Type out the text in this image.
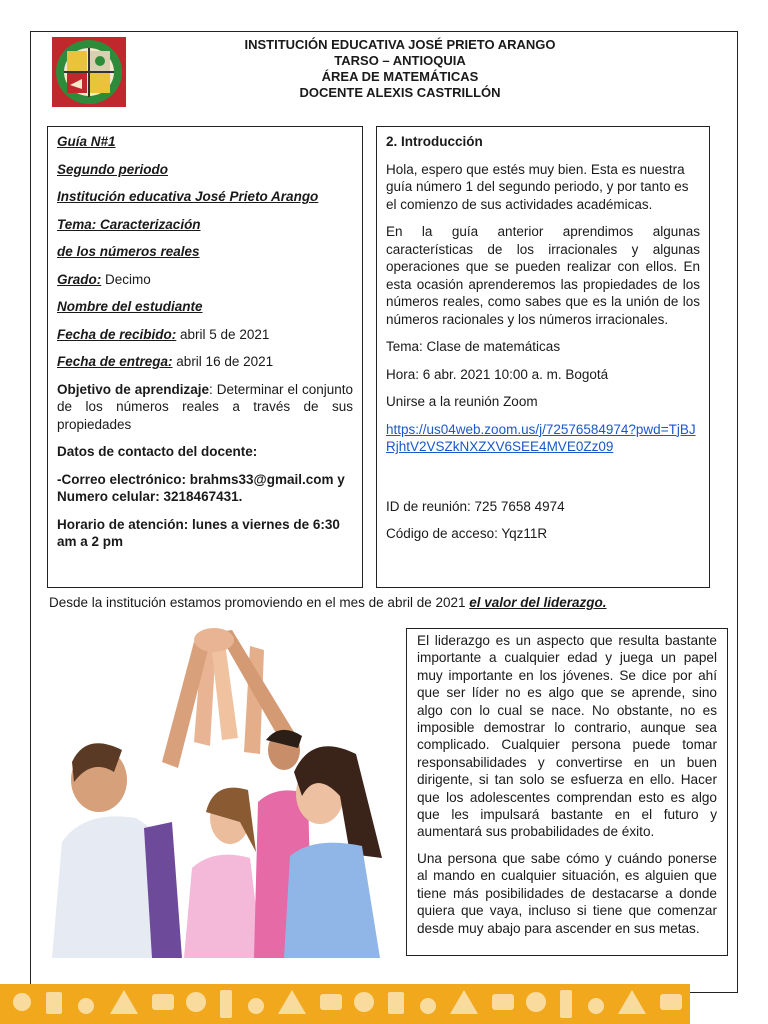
INSTITUCIÓN EDUCATIVA JOSÉ PRIETO ARANGO
TARSO – ANTIOQUIA
ÁREA DE MATEMÁTICAS
DOCENTE ALEXIS CASTRILLÓN

Guía N#1

Segundo periodo

Institución educativa José Prieto Arango

Tema: Caracterización

de los números reales

Grado: Decimo

Nombre del estudiante

Fecha de recibido: abril 5 de 2021

Fecha de entrega: abril 16 de 2021

Objetivo de aprendizaje: Determinar el conjunto de los números reales a través de sus propiedades

Datos de contacto del docente:

-Correo electrónico: brahms33@gmail.com y Numero celular: 3218467431.

Horario de atención: lunes a viernes de 6:30 am a 2 pm

2. Introducción

Hola, espero que estés muy bien. Esta es nuestra guía número 1 del segundo periodo, y por tanto es el comienzo de sus actividades académicas.

En la guía anterior aprendimos algunas características de los irracionales y algunas operaciones que se pueden realizar con ellos. En esta ocasión aprenderemos las propiedades de los números reales, como sabes que es la unión de los números racionales y los números irracionales.

Tema: Clase de matemáticas

Hora: 6 abr. 2021 10:00 a. m. Bogotá

Unirse a la reunión Zoom

https://us04web.zoom.us/j/72576584974?pwd=TjBJRjhtV2VSZkNXZXV6SEE4MVE0Zz09

ID de reunión: 725 7658 4974

Código de acceso: Yqz11R

Desde la institución estamos promoviendo en el mes de abril de 2021 el valor del liderazgo.

El liderazgo es un aspecto que resulta bastante importante a cualquier edad y juega un papel muy importante en los jóvenes. Se dice por ahí que ser líder no es algo que se aprende, sino algo con lo cual se nace. No obstante, no es imposible demostrar lo contrario, aunque sea complicado. Cualquier persona puede tomar responsabilidades y convertirse en un buen dirigente, si tan solo se esfuerza en ello. Hacer que los adolescentes comprendan esto es algo que les impulsará bastante en el futuro y aumentará sus probabilidades de éxito.

Una persona que sabe cómo y cuándo ponerse al mando en cualquier situación, es alguien que tiene más posibilidades de destacarse a donde quiera que vaya, incluso si tiene que comenzar desde muy abajo para ascender en sus metas.
